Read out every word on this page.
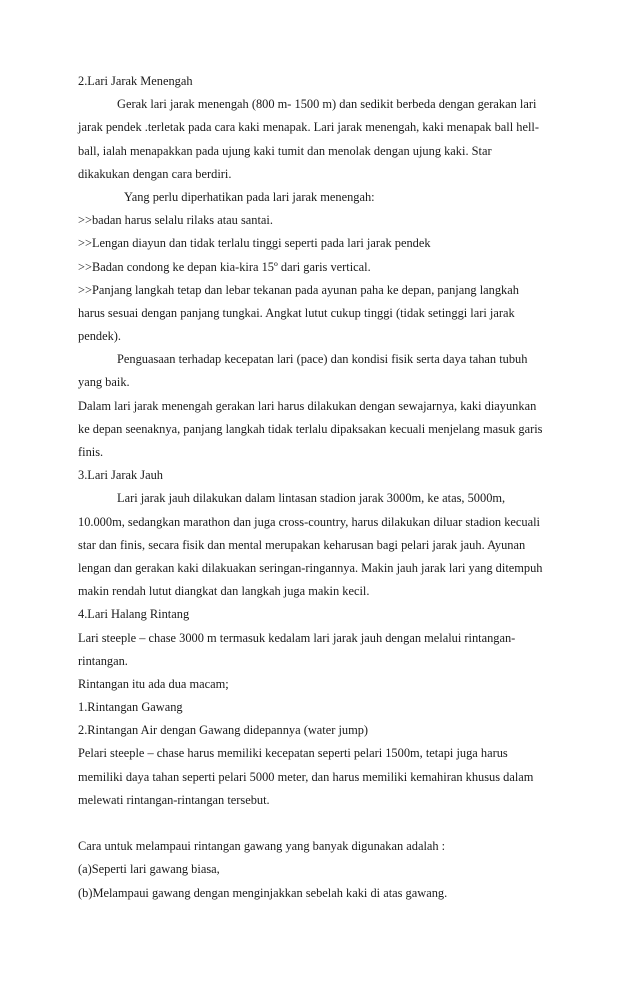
2.Lari Jarak Menengah
Gerak lari jarak menengah (800 m- 1500 m) dan sedikit berbeda dengan gerakan lari
jarak pendek .terletak pada cara kaki menapak. Lari jarak menengah, kaki menapak ball hell-
ball, ialah menapakkan pada ujung kaki tumit dan menolak dengan ujung kaki. Star
dikakukan dengan cara berdiri.
Yang perlu diperhatikan pada lari jarak menengah:
>>badan harus selalu rilaks atau santai.
>>Lengan diayun dan tidak terlalu tinggi seperti pada lari jarak pendek
>>Badan condong ke depan kia-kira 15º dari garis vertical.
>>Panjang langkah tetap dan lebar tekanan pada ayunan paha ke depan, panjang langkah
harus sesuai dengan panjang tungkai. Angkat lutut cukup tinggi (tidak setinggi lari jarak
pendek).
Penguasaan terhadap kecepatan lari (pace) dan kondisi fisik serta daya tahan tubuh
yang baik.
Dalam lari jarak menengah gerakan lari harus dilakukan dengan sewajarnya, kaki diayunkan
ke depan seenaknya, panjang langkah tidak terlalu dipaksakan kecuali menjelang masuk garis
finis.
3.Lari Jarak Jauh
Lari jarak jauh dilakukan dalam lintasan stadion jarak 3000m, ke atas, 5000m,
10.000m, sedangkan marathon dan juga cross-country, harus dilakukan diluar stadion kecuali
star dan finis, secara fisik dan mental merupakan keharusan bagi pelari jarak jauh. Ayunan
lengan dan gerakan kaki dilakuakan seringan-ringannya. Makin jauh jarak lari yang ditempuh
makin rendah lutut diangkat dan langkah juga makin kecil.
4.Lari Halang Rintang
Lari steeple – chase 3000 m termasuk kedalam lari jarak jauh dengan melalui rintangan-
rintangan.
Rintangan itu ada dua macam;
1.Rintangan Gawang
2.Rintangan Air dengan Gawang didepannya (water jump)
Pelari steeple – chase harus memiliki kecepatan seperti pelari 1500m, tetapi juga harus
memiliki daya tahan seperti pelari 5000 meter, dan harus memiliki kemahiran khusus dalam
melewati rintangan-rintangan tersebut.
Cara untuk melampaui rintangan gawang yang banyak digunakan adalah :
(a)Seperti lari gawang biasa,
(b)Melampaui gawang dengan menginjakkan sebelah kaki di atas gawang.
